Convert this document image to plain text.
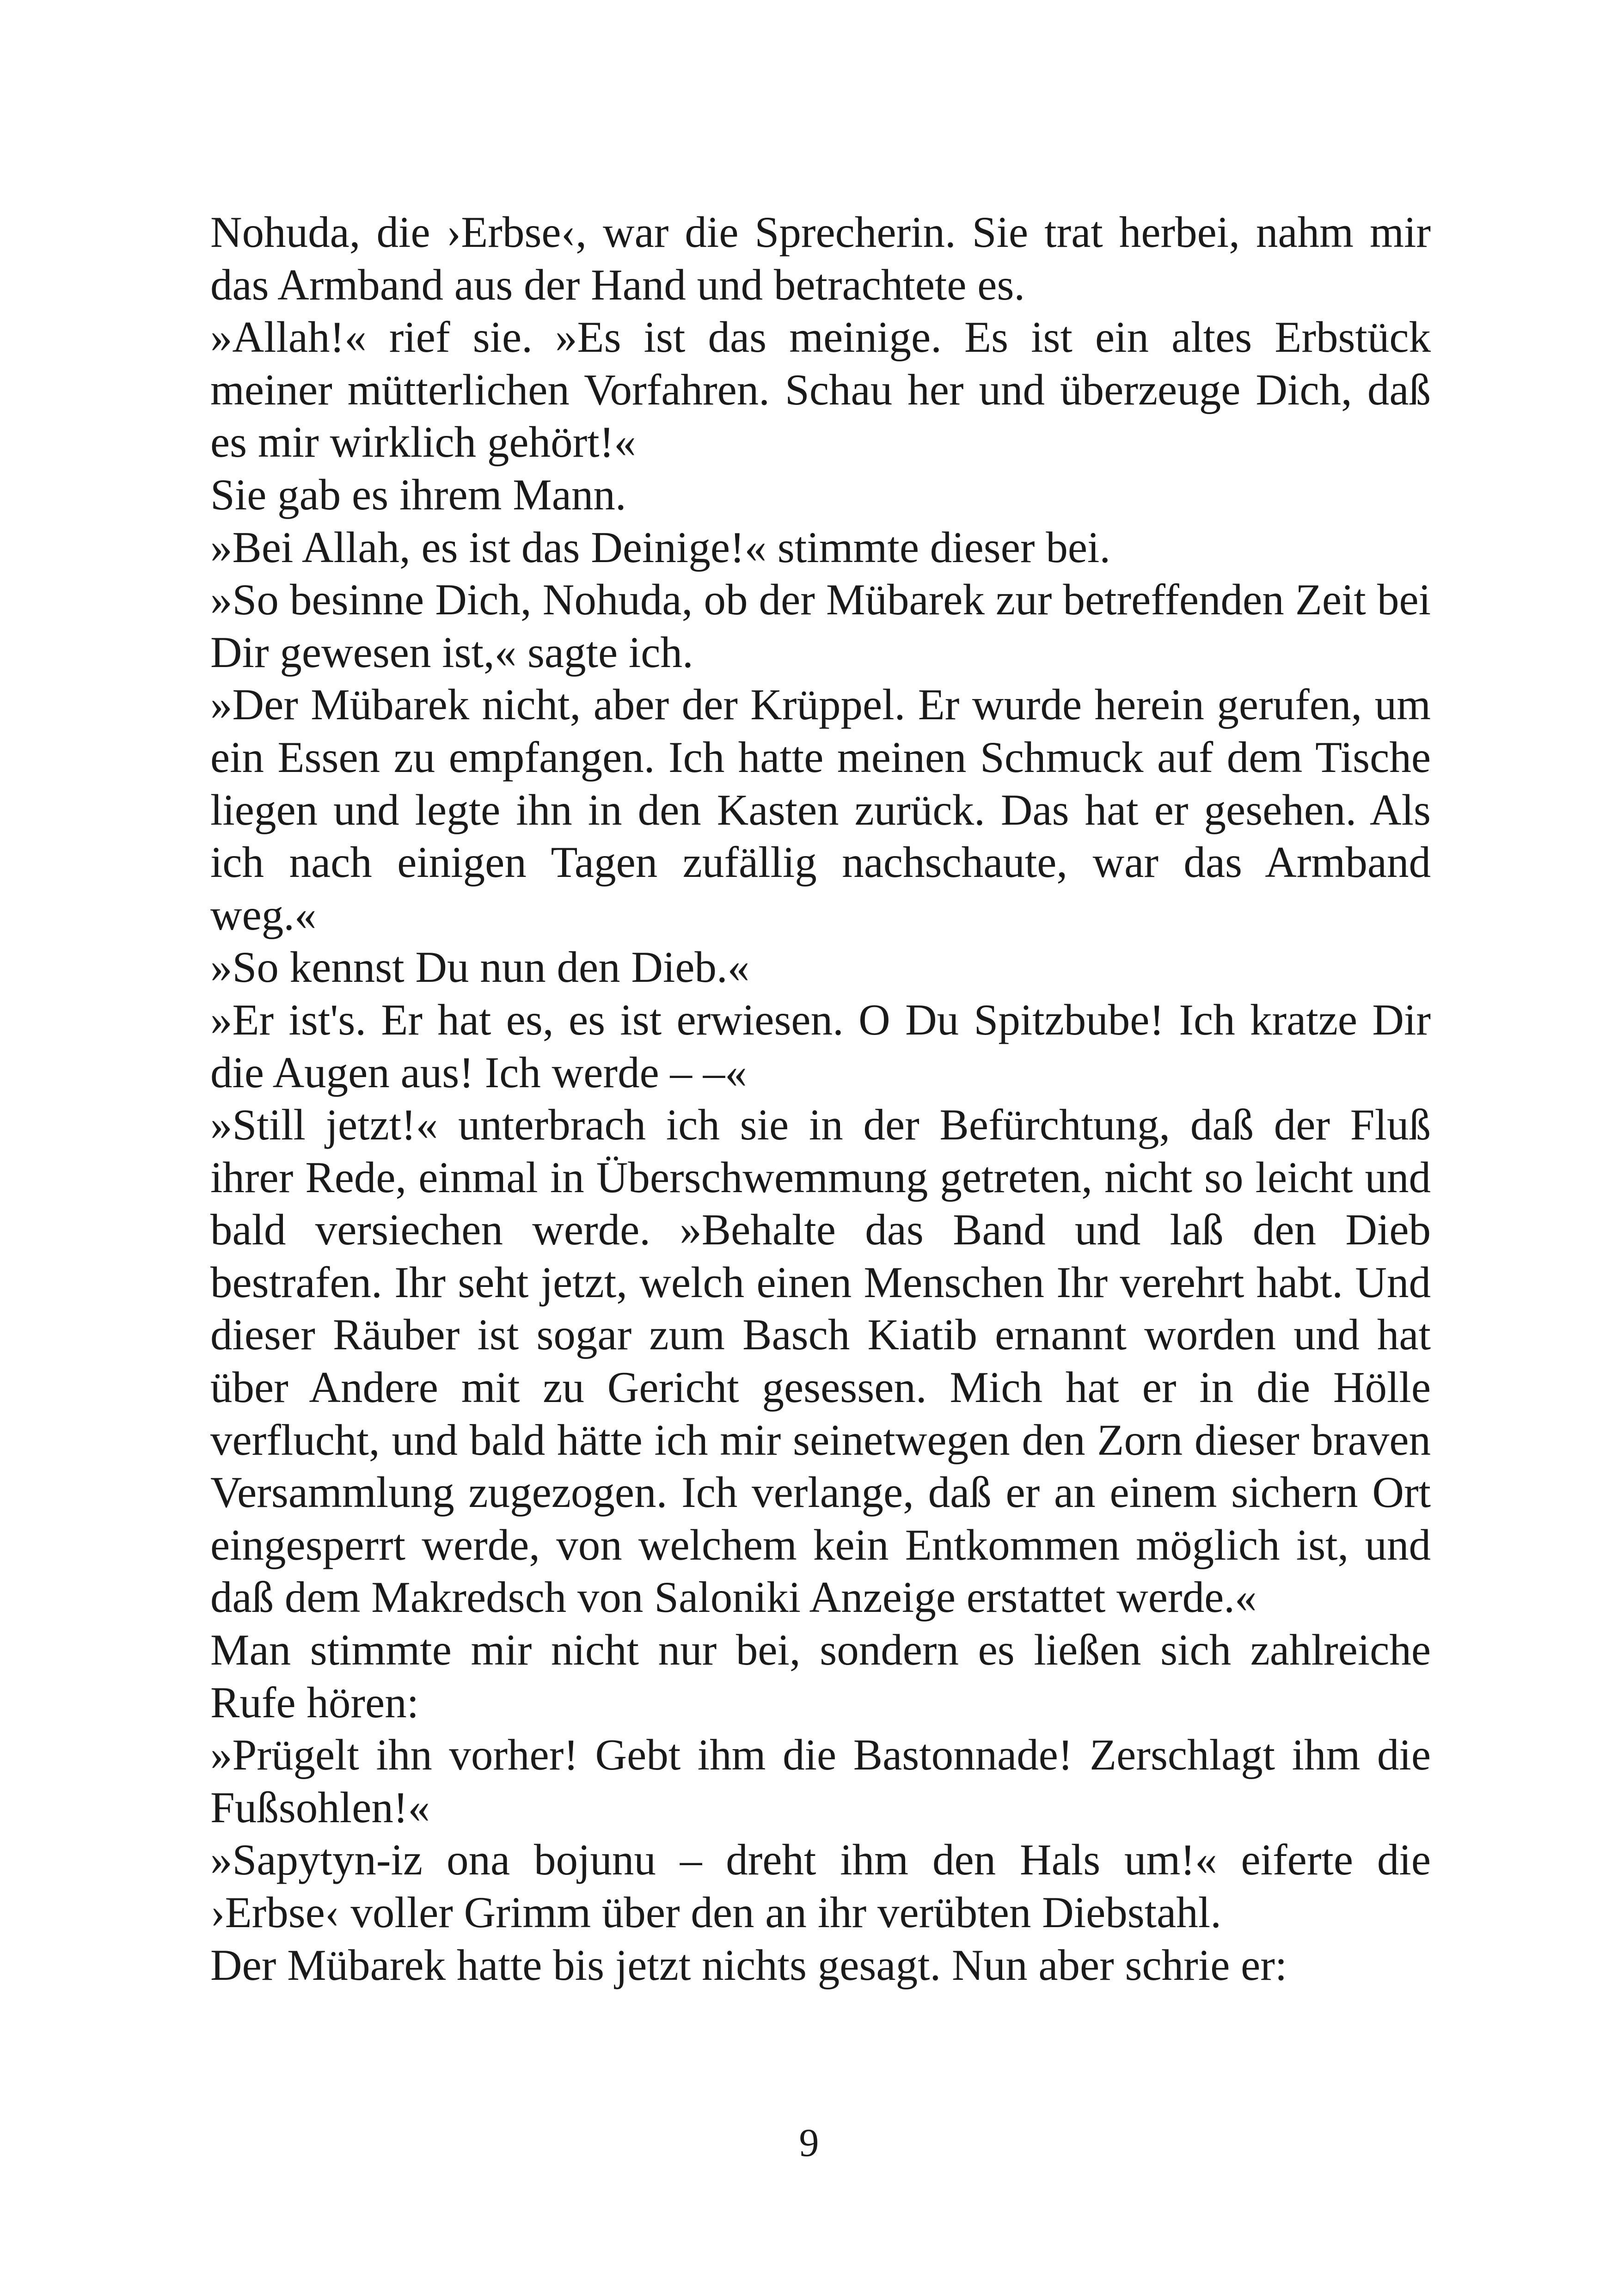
Nohuda, die ›Erbse‹, war die Sprecherin. Sie trat herbei, nahm mir das Armband aus der Hand und betrachtete es.

»Allah!« rief sie. »Es ist das meinige. Es ist ein altes Erbstück meiner mütterlichen Vorfahren. Schau her und überzeuge Dich, daß es mir wirklich gehört!«

Sie gab es ihrem Mann.

»Bei Allah, es ist das Deinige!« stimmte dieser bei.

»So besinne Dich, Nohuda, ob der Mübarek zur betreffenden Zeit bei Dir gewesen ist,« sagte ich.

»Der Mübarek nicht, aber der Krüppel. Er wurde herein gerufen, um ein Essen zu empfangen. Ich hatte meinen Schmuck auf dem Tische liegen und legte ihn in den Kasten zurück. Das hat er gesehen. Als ich nach einigen Tagen zufällig nachschaute, war das Armband weg.«

»So kennst Du nun den Dieb.«

»Er ist's. Er hat es, es ist erwiesen. O Du Spitzbube! Ich kratze Dir die Augen aus! Ich werde – –«

»Still jetzt!« unterbrach ich sie in der Befürchtung, daß der Fluß ihrer Rede, einmal in Überschwemmung getreten, nicht so leicht und bald versiechen werde. »Behalte das Band und laß den Dieb bestrafen. Ihr seht jetzt, welch einen Menschen Ihr verehrt habt. Und dieser Räuber ist sogar zum Basch Kiatib ernannt worden und hat über Andere mit zu Gericht gesessen. Mich hat er in die Hölle verflucht, und bald hätte ich mir seinetwegen den Zorn dieser braven Versammlung zugezogen. Ich verlange, daß er an einem sichern Ort eingesperrt werde, von welchem kein Entkommen möglich ist, und daß dem Makredsch von Saloniki Anzeige erstattet werde.«

Man stimmte mir nicht nur bei, sondern es ließen sich zahlreiche Rufe hören:

»Prügelt ihn vorher! Gebt ihm die Bastonnade! Zerschlagt ihm die Fußsohlen!«

»Sapytyn-iz ona bojunu – dreht ihm den Hals um!« eiferte die ›Erbse‹ voller Grimm über den an ihr verübten Diebstahl.

Der Mübarek hatte bis jetzt nichts gesagt. Nun aber schrie er:

9
